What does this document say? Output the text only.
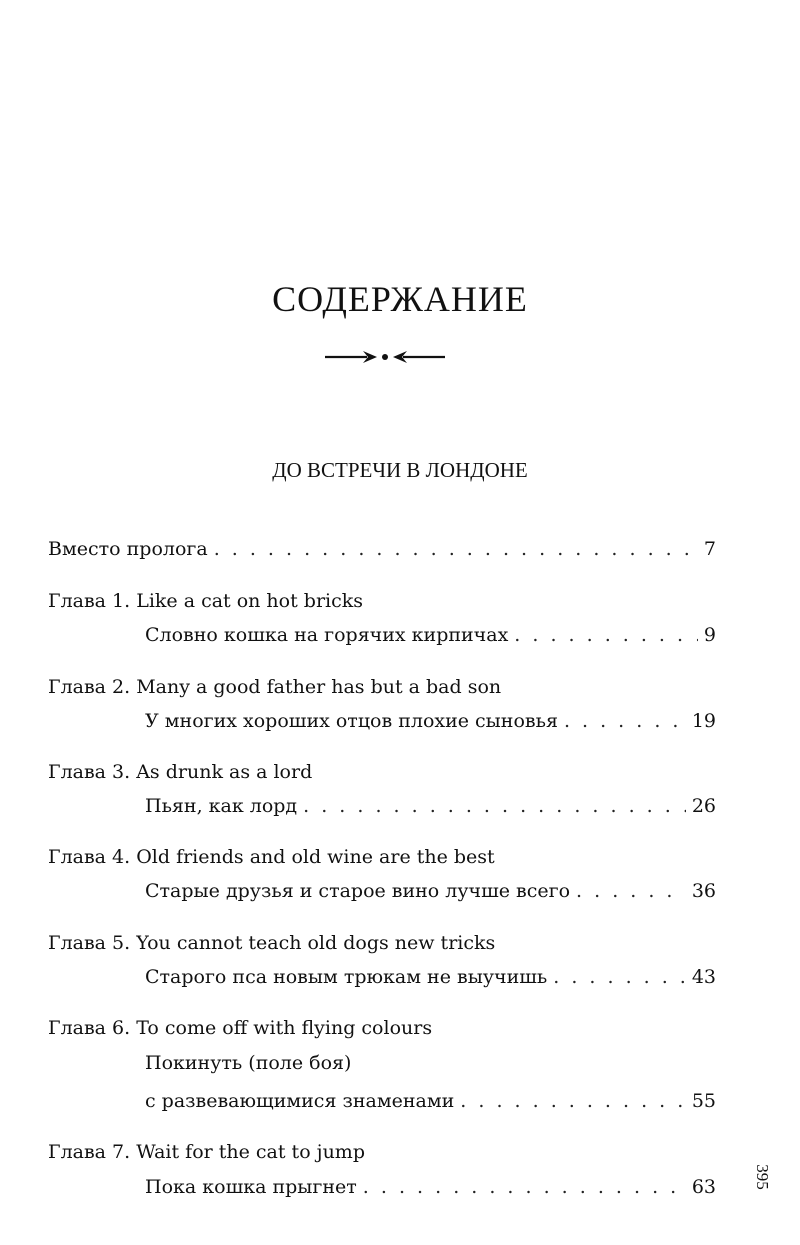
СОДЕРЖАНИЕ
ДО ВСТРЕЧИ В ЛОНДОНЕ
Вместо пролога . . .	7
Глава 1. Like a cat on hot bricks
Словно кошка на горячих кирпичах . . .	9
Глава 2. Many a good father has but a bad son
У многих хороших отцов плохие сыновья . . .	19
Глава 3. As drunk as a lord
Пьян, как лорд . . .	26
Глава 4. Old friends and old wine are the best
Старые друзья и старое вино лучше всего . . .	36
Глава 5. You cannot teach old dogs new tricks
Старого пса новым трюкам не выучишь . . .	43
Глава 6. To come off with flying colours
Покинуть (поле боя)
с развевающимися знаменами . . .	55
Глава 7. Wait for the cat to jump
Пока кошка прыгнет . . .	63	395
